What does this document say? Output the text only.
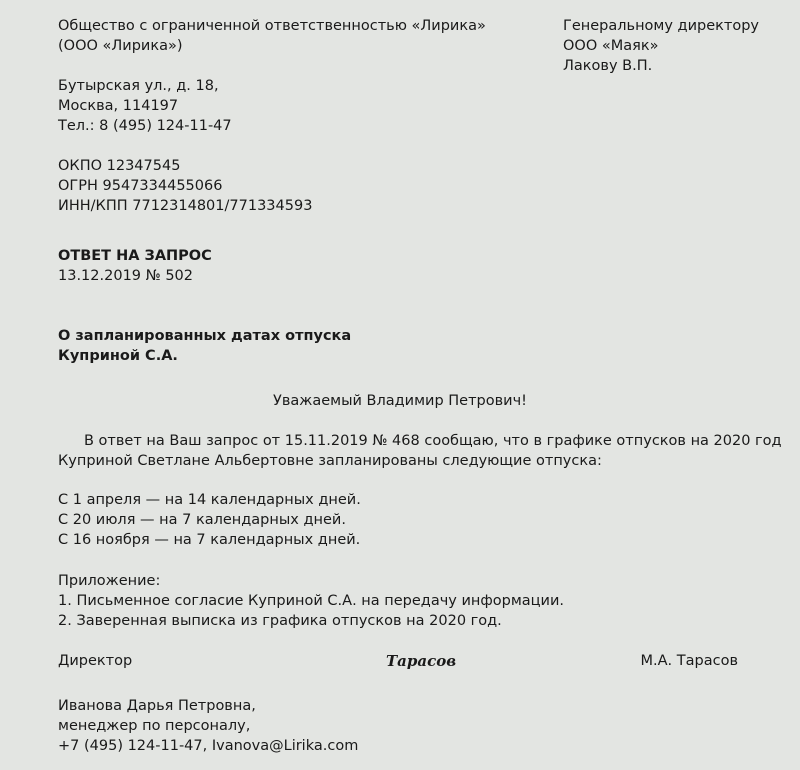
Общество с ограниченной ответственностью «Лирика»
(ООО «Лирика»)
Генеральному директору
ООО «Маяк»
Лакову В.П.
Бутырская ул., д. 18,
Москва, 114197
Тел.: 8 (495) 124-11-47
ОКПО 12347545
ОГРН 9547334455066
ИНН/КПП 7712314801/771334593
ОТВЕТ НА ЗАПРОС
13.12.2019 № 502
О запланированных датах отпуска
Куприной С.А.
Уважаемый Владимир Петрович!
В ответ на Ваш запрос от 15.11.2019 № 468 сообщаю, что в графике отпусков на 2020 год
Куприной Светлане Альбертовне запланированы следующие отпуска:
С 1 апреля — на 14 календарных дней.
С 20 июля — на 7 календарных дней.
С 16 ноября — на 7 календарных дней.
Приложение:
1. Письменное согласие Куприной С.А. на передачу информации.
2. Заверенная выписка из графика отпусков на 2020 год.
Директор	Тарасов	М.А. Тарасов
Иванова Дарья Петровна,
менеджер по персоналу,
+7 (495) 124-11-47, Ivanova@Lirika.com
